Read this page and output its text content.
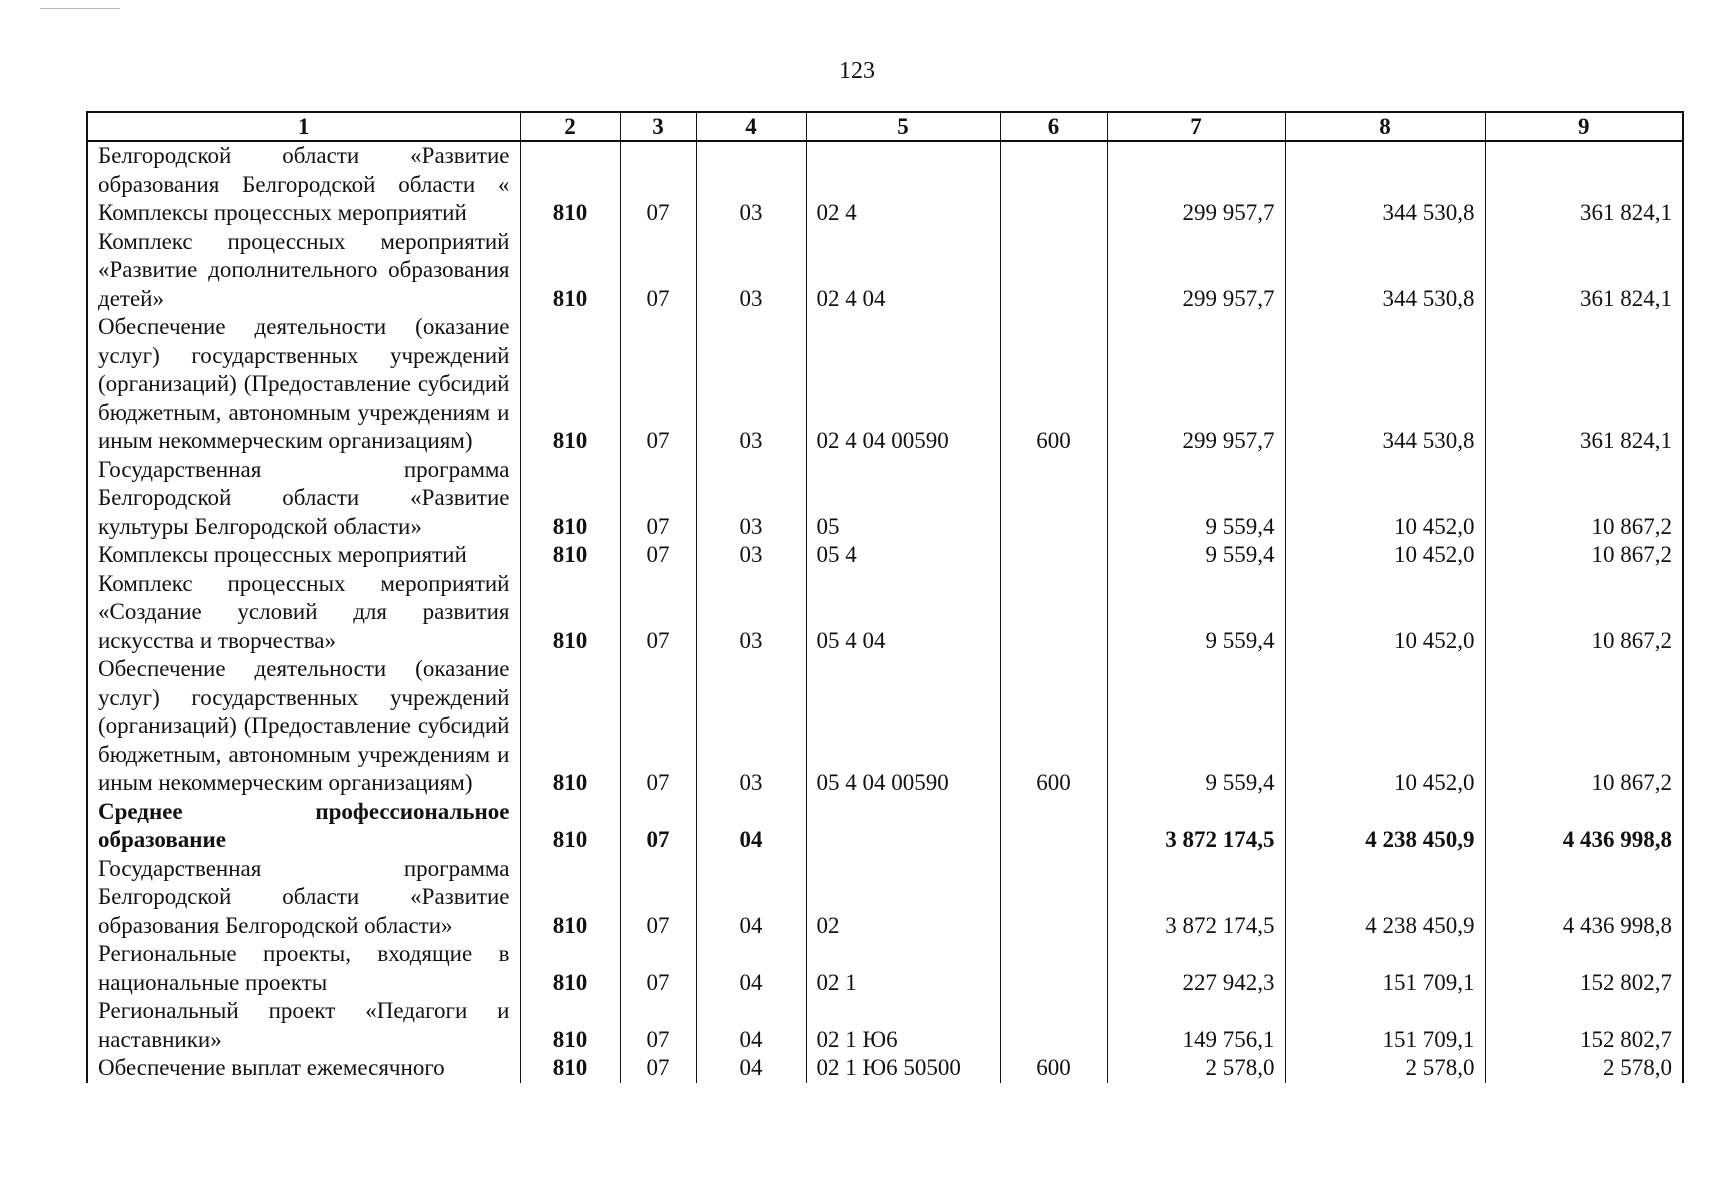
123
1	2	3	4	5	6	7	8	9
Белгородской области «Развитие образования Белгородской области « Комплексы процессных мероприятий	810	07	03	02 4		299 957,7	344 530,8	361 824,1
Комплекс процессных мероприятий «Развитие дополнительного образования детей»	810	07	03	02 4 04		299 957,7	344 530,8	361 824,1
Обеспечение деятельности (оказание услуг) государственных учреждений (организаций) (Предоставление субсидий бюджетным, автономным учреждениям и иным некоммерческим организациям)	810	07	03	02 4 04 00590	600	299 957,7	344 530,8	361 824,1
Государственная программа Белгородской области «Развитие культуры Белгородской области»	810	07	03	05		9 559,4	10 452,0	10 867,2
Комплексы процессных мероприятий	810	07	03	05 4		9 559,4	10 452,0	10 867,2
Комплекс процессных мероприятий «Создание условий для развития искусства и творчества»	810	07	03	05 4 04		9 559,4	10 452,0	10 867,2
Обеспечение деятельности (оказание услуг) государственных учреждений (организаций) (Предоставление субсидий бюджетным, автономным учреждениям и иным некоммерческим организациям)	810	07	03	05 4 04 00590	600	9 559,4	10 452,0	10 867,2
Среднее профессиональное образование	810	07	04			3 872 174,5	4 238 450,9	4 436 998,8
Государственная программа Белгородской области «Развитие образования Белгородской области»	810	07	04	02		3 872 174,5	4 238 450,9	4 436 998,8
Региональные проекты, входящие в национальные проекты	810	07	04	02 1		227 942,3	151 709,1	152 802,7
Региональный проект «Педагоги и наставники»	810	07	04	02 1 Ю6		149 756,1	151 709,1	152 802,7
Обеспечение выплат ежемесячного	810	07	04	02 1 Ю6 50500	600	2 578,0	2 578,0	2 578,0
